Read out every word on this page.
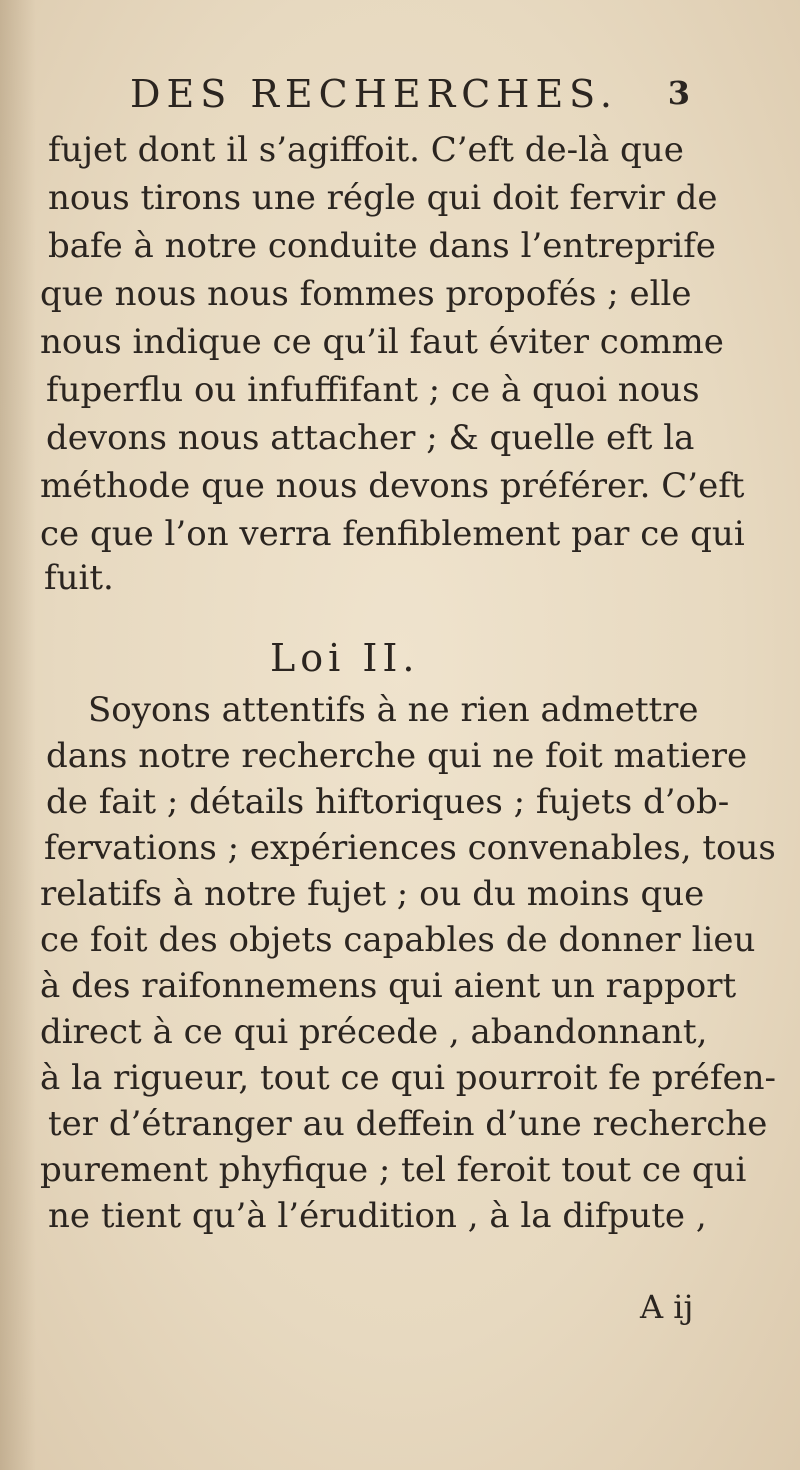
DES RECHERCHES. 3
fujet dont il s’agiffoit. C’eft de-là que
nous tirons une régle qui doit fervir de
bafe à notre conduite dans l’entreprife
que nous nous fommes propofés ; elle
nous indique ce qu’il faut éviter comme
fuperflu ou infuffifant ; ce à quoi nous
devons nous attacher ; & quelle eft la
méthode que nous devons préférer. C’eft
ce que l’on verra fenfiblement par ce qui
fuit.
Loi II.
Soyons attentifs à ne rien admettre
dans notre recherche qui ne foit matiere
de fait ; détails hiftoriques ; fujets d’ob-
fervations ; expériences convenables, tous
relatifs à notre fujet ; ou du moins que
ce foit des objets capables de donner lieu
à des raifonnemens qui aient un rapport
direct à ce qui précede , abandonnant,
à la rigueur, tout ce qui pourroit fe préfen-
ter d’étranger au deffein d’une recherche
purement phyfique ; tel feroit tout ce qui
ne tient qu’à l’érudition , à la difpute ,
A ij
